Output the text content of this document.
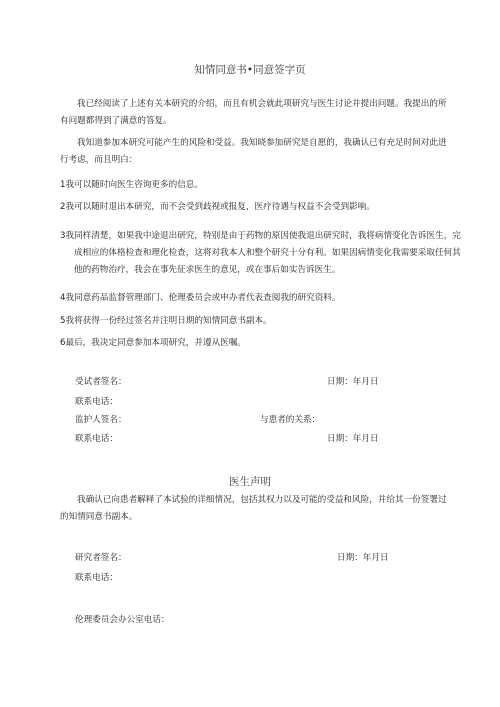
知情同意书•同意签字页

我已经阅读了上述有关本研究的介绍，而且有机会就此项研究与医生讨论并提出问题。我提出的所有问题都得到了满意的答复。

我知道参加本研究可能产生的风险和受益。我知晓参加研究是自愿的，我确认已有充足时间对此进行考虑，而且明白：

1我可以随时向医生咨询更多的信息。

2我可以随时退出本研究，而不会受到歧视或报复，医疗待遇与权益不会受到影响。

3我同样清楚，如果我中途退出研究，特别是由于药物的原因使我退出研究时，我将病情变化告诉医生，完成相应的体格检查和理化检查，这将对我本人和整个研究十分有利。如果因病情变化我需要采取任何其他的药物治疗，我会在事先征求医生的意见，或在事后如实告诉医生。

4我同意药品监督管理部门、伦理委员会或申办者代表查阅我的研究资料。

5我将获得一份经过签名并注明日期的知情同意书副本。

6最后，我决定同意参加本项研究，并遵从医嘱。

受试者签名：	日期：年月日
联系电话：
监护人签名：	与患者的关系：
联系电话：	日期：年月日
医生声明

我确认已向患者解释了本试验的详细情况，包括其权力以及可能的受益和风险，并给其一份签署过的知情同意书副本。

研究者签名：	日期：年月日
联系电话：
伦理委员会办公室电话：
